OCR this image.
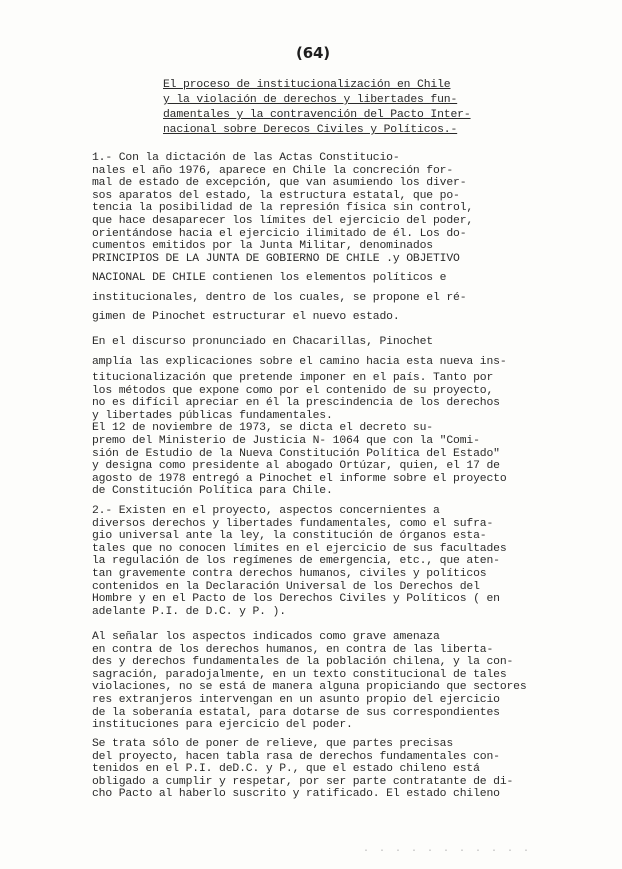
(64)
El proceso de institucionalización en Chile
y la violación de derechos y libertades fun-
damentales y la contravención del Pacto Inter-
nacional sobre Derecos Civiles y Políticos.-
1.- Con la dictación de las Actas Constitucio-
nales el año 1976, aparece en Chile la concreción for-
mal de estado de excepción, que van asumiendo los diver-
sos aparatos del estado, la estructura estatal, que po-
tencia la posibilidad de la represión física sin control,
que hace desaparecer los límites del ejercicio del poder,
orientándose hacia el ejercicio ilimitado de él. Los do-
cumentos emitidos por la Junta Militar, denominados
PRINCIPIOS DE LA JUNTA DE GOBIERNO DE CHILE .y OBJETIVO
NACIONAL DE CHILE contienen los elementos políticos e
institucionales, dentro de los cuales, se propone el ré-
gimen de Pinochet estructurar el nuevo estado.
En el discurso pronunciado en Chacarillas, Pinochet
amplía las explicaciones sobre el camino hacia esta nueva ins-
titucionalización que pretende imponer en el país. Tanto por
los métodos que expone como por el contenido de su proyecto,
no es difícil apreciar en él la prescindencia de los derechos
y libertades públicas fundamentales.
El 12 de noviembre de 1973, se dicta el decreto su-
premo del Ministerio de Justicia N- 1064 que con la "Comi-
sión de Estudio de la Nueva Constitución Política del Estado"
y designa como presidente al abogado Ortúzar, quien, el 17 de
agosto de 1978 entregó a Pinochet el informe sobre el proyecto
de Constitución Política para Chile.
2.- Existen en el proyecto, aspectos concernientes a
diversos derechos y libertades fundamentales, como el sufra-
gio universal ante la ley, la constitución de órganos esta-
tales que no conocen límites en el ejercicio de sus facultades
la regulación de los regímenes de emergencia, etc., que aten-
tan gravemente contra derechos humanos, civiles y políticos
contenidos en la Declaración Universal de los Derechos del
Hombre y en el Pacto de los Derechos Civiles y Políticos ( en
adelante P.I. de D.C. y P. ).
Al señalar los aspectos indicados como grave amenaza
en contra de los derechos humanos, en contra de las liberta-
des y derechos fundamentales de la población chilena, y la con-
sagración, paradojalmente, en un texto constitucional de tales
violaciones, no se está de manera alguna propiciando que sectores
res extranjeros intervengan en un asunto propio del ejercicio
de la soberanía estatal, para dotarse de sus correspondientes
instituciones para ejercicio del poder.
Se trata sólo de poner de relieve, que partes precisas
del proyecto, hacen tabla rasa de derechos fundamentales con-
tenidos en el P.I. deD.C. y P., que el estado chileno está
obligado a cumplir y respetar, por ser parte contratante de di-
cho Pacto al haberlo suscrito y ratificado. El estado chileno
· · · · · · · · · · ·
